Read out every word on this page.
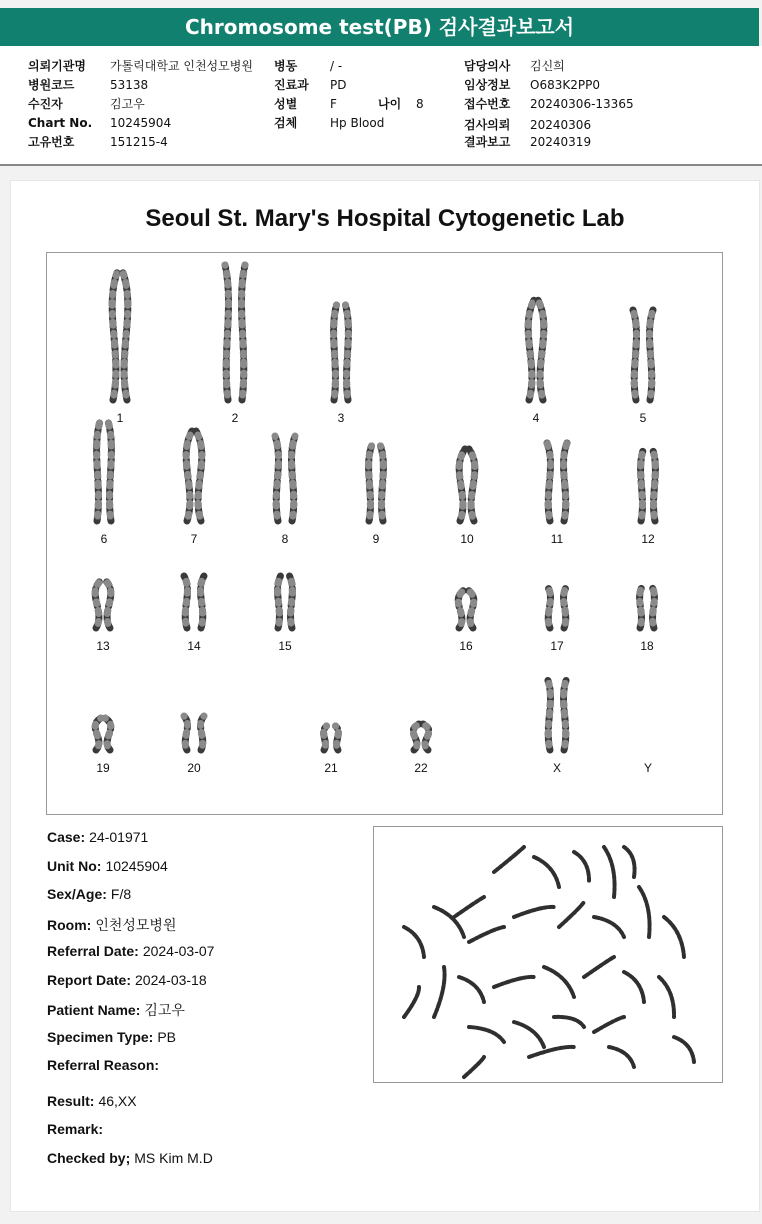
Chromosome test(PB) 검사결과보고서
의뢰기관명 가톨릭대학교 인천성모병원
병원코드	53138
수진자	김고우
Chart No. 10245904
고유번호	151215-4
병동	/ -
진료과 PD
성별	F	나이 8
검체	Hp Blood
담당의사 김신희
임상정보 O683K2PP0
접수번호 20240306-13365
검사의뢰 20240306
결과보고 20240319
Seoul St. Mary's Hospital Cytogenetic Lab
1	2	3	4	5
6	7	8	9	10	11	12
13	14	15	16	17	18
19	20	21	22	X	Y
Case: 24-01971
Unit No: 10245904
Sex/Age: F/8
Room: 인천성모병원
Referral Date: 2024-03-07
Report Date: 2024-03-18
Patient Name: 김고우
Specimen Type: PB
Referral Reason:
Result: 46,XX
Remark:
Checked by; MS Kim M.D
